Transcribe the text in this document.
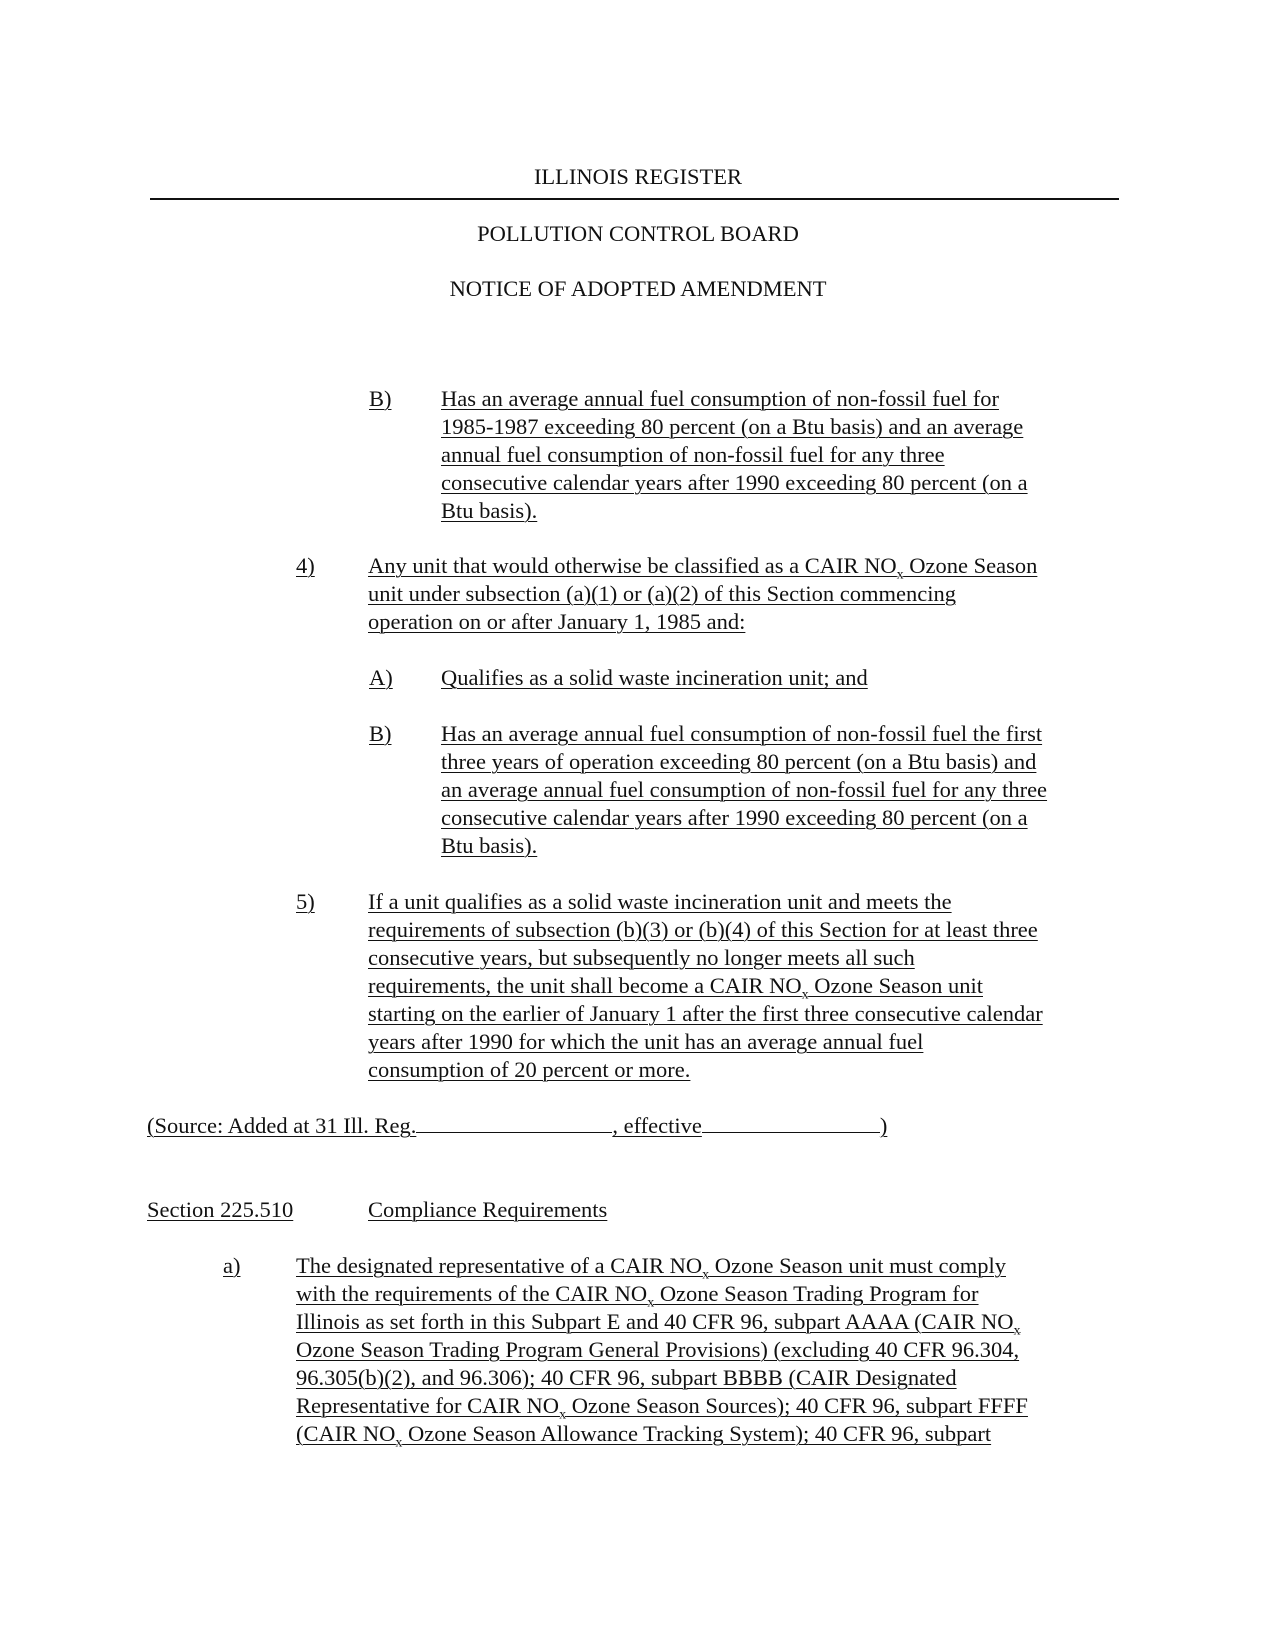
ILLINOIS REGISTER
POLLUTION CONTROL BOARD
NOTICE OF ADOPTED AMENDMENT
B) Has an average annual fuel consumption of non-fossil fuel for
1985-1987 exceeding 80 percent (on a Btu basis) and an average
annual fuel consumption of non-fossil fuel for any three
consecutive calendar years after 1990 exceeding 80 percent (on a
Btu basis).
4) Any unit that would otherwise be classified as a CAIR $NO_x$ Ozone Season
unit under subsection (a)(1) or (a)(2) of this Section commencing
operation on or after January 1, 1985 and:
A) Qualifies as a solid waste incineration unit; and
B) Has an average annual fuel consumption of non-fossil fuel the first
three years of operation exceeding 80 percent (on a Btu basis) and
an average annual fuel consumption of non-fossil fuel for any three
consecutive calendar years after 1990 exceeding 80 percent (on a
Btu basis).
5) If a unit qualifies as a solid waste incineration unit and meets the
requirements of subsection (b)(3) or (b)(4) of this Section for at least three
consecutive years, but subsequently no longer meets all such
requirements, the unit shall become a CAIR $NO_x$ Ozone Season unit
starting on the earlier of January 1 after the first three consecutive calendar
years after 1990 for which the unit has an average annual fuel
consumption of 20 percent or more.
(Source: Added at 31 Ill. Reg.	, effective	)
Section 225.510	Compliance Requirements
a) The designated representative of a CAIR $NO_x$ Ozone Season unit must comply
with the requirements of the CAIR $NO_x$ Ozone Season Trading Program for
Illinois as set forth in this Subpart E and 40 CFR 96, subpart AAAA (CAIR $NO_x$
Ozone Season Trading Program General Provisions) (excluding 40 CFR 96.304,
96.305(b)(2), and 96.306); 40 CFR 96, subpart BBBB (CAIR Designated
Representative for CAIR $NO_x$ Ozone Season Sources); 40 CFR 96, subpart FFFF
(CAIR $NO_x$ Ozone Season Allowance Tracking System); 40 CFR 96, subpart
